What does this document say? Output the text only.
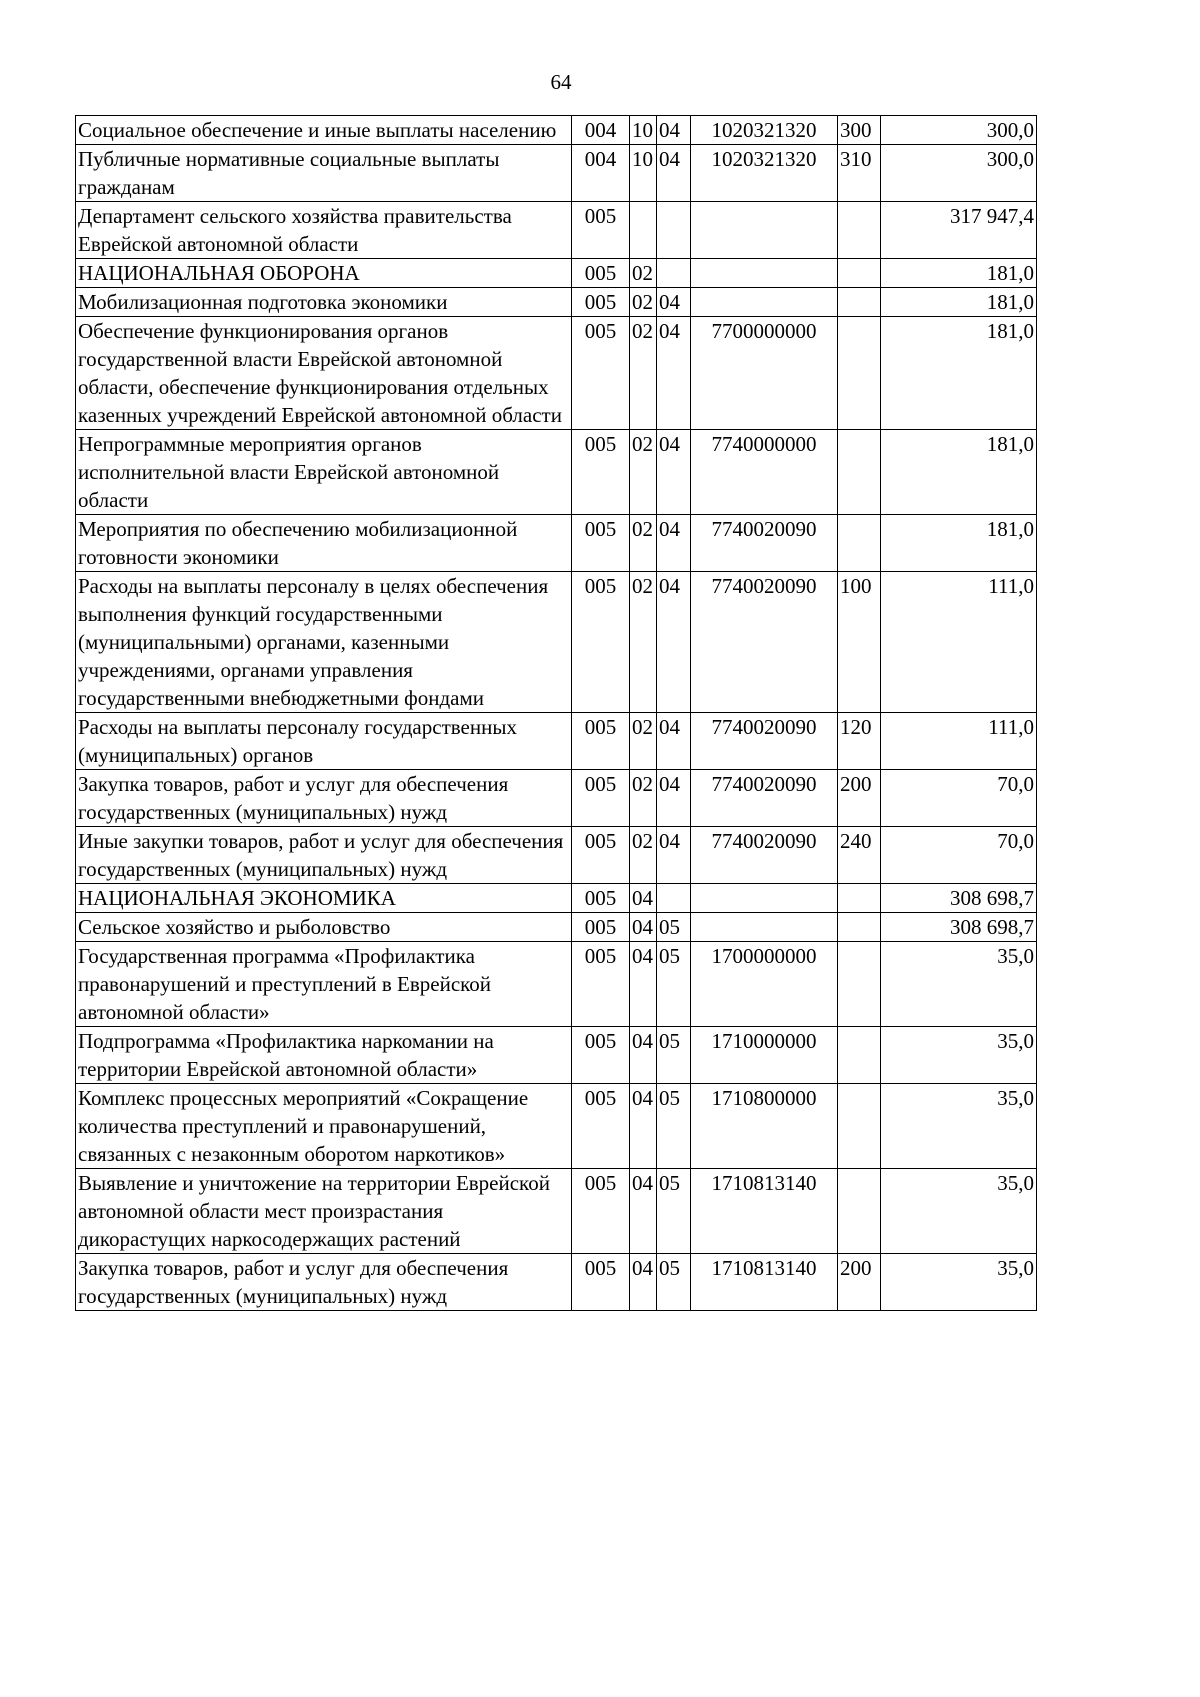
64
Социальное обеспечение и иные выплаты населению	004	10	04	1020321320	300	300,0
Публичные нормативные социальные выплаты гражданам	004	10	04	1020321320	310	300,0
Департамент сельского хозяйства правительства Еврейской автономной области	005					317 947,4
НАЦИОНАЛЬНАЯ ОБОРОНА	005	02				181,0
Мобилизационная подготовка экономики	005	02	04			181,0
Обеспечение функционирования органов государственной власти Еврейской автономной области, обеспечение функционирования отдельных казенных учреждений Еврейской автономной области	005	02	04	7700000000		181,0
Непрограммные мероприятия органов исполнительной власти Еврейской автономной области	005	02	04	7740000000		181,0
Мероприятия по обеспечению мобилизационной готовности экономики	005	02	04	7740020090		181,0
Расходы на выплаты персоналу в целях обеспечения выполнения функций государственными (муниципальными) органами, казенными учреждениями, органами управления государственными внебюджетными фондами	005	02	04	7740020090	100	111,0
Расходы на выплаты персоналу государственных (муниципальных) органов	005	02	04	7740020090	120	111,0
Закупка товаров, работ и услуг для обеспечения государственных (муниципальных) нужд	005	02	04	7740020090	200	70,0
Иные закупки товаров, работ и услуг для обеспечения государственных (муниципальных) нужд	005	02	04	7740020090	240	70,0
НАЦИОНАЛЬНАЯ ЭКОНОМИКА	005	04				308 698,7
Сельское хозяйство и рыболовство	005	04	05			308 698,7
Государственная программа «Профилактика правонарушений и преступлений в Еврейской автономной области»	005	04	05	1700000000		35,0
Подпрограмма «Профилактика наркомании на территории Еврейской автономной области»	005	04	05	1710000000		35,0
Комплекс процессных мероприятий «Сокращение количества преступлений и правонарушений, связанных с незаконным оборотом наркотиков»	005	04	05	1710800000		35,0
Выявление и уничтожение на территории Еврейской автономной области мест произрастания дикорастущих наркосодержащих растений	005	04	05	1710813140		35,0
Закупка товаров, работ и услуг для обеспечения государственных (муниципальных) нужд	005	04	05	1710813140	200	35,0
